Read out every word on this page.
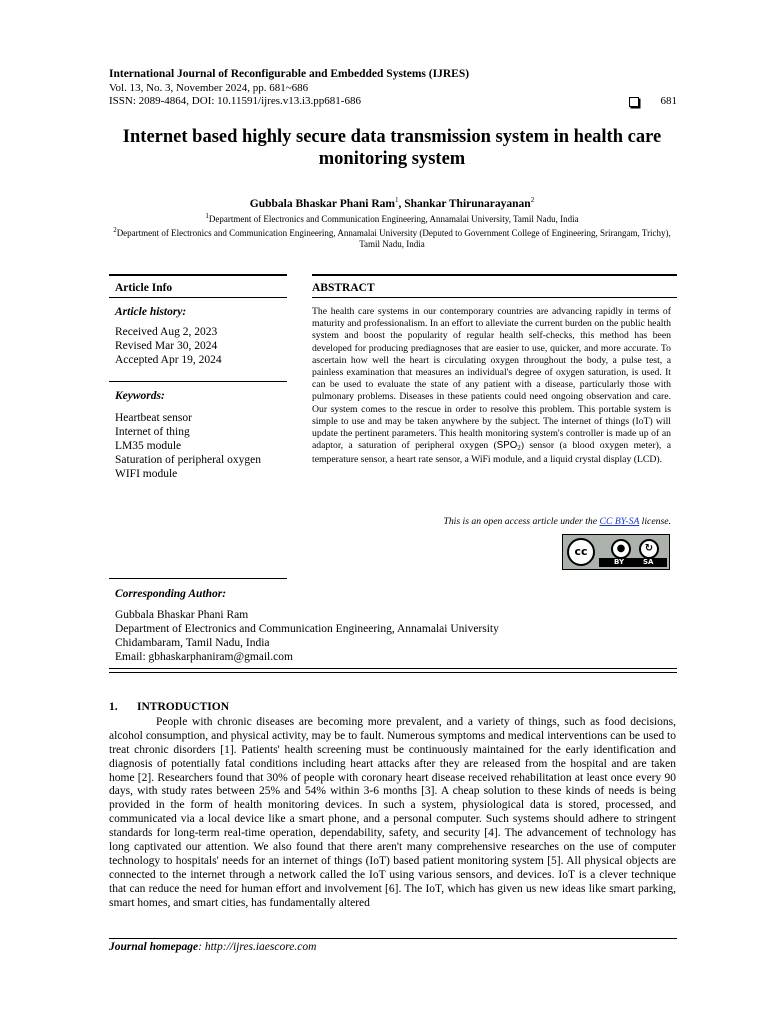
International Journal of Reconfigurable and Embedded Systems (IJRES)
Vol. 13, No. 3, November 2024, pp. 681~686
ISSN: 2089-4864, DOI: 10.11591/ijres.v13.i3.pp681-686	681
Internet based highly secure data transmission system in health care monitoring system
Gubbala Bhaskar Phani Ram$^1$, Shankar Thirunarayanan$^2$
$^1$Department of Electronics and Communication Engineering, Annamalai University, Tamil Nadu, India
$^2$Department of Electronics and Communication Engineering, Annamalai University (Deputed to Government College of Engineering, Srirangam, Trichy), Tamil Nadu, India
Article Info	ABSTRACT
Article history:
Received Aug 2, 2023
Revised Mar 30, 2024
Accepted Apr 19, 2024
Keywords:
Heartbeat sensor
Internet of thing
LM35 module
Saturation of peripheral oxygen
WIFI module
The health care systems in our contemporary countries are advancing rapidly in terms of maturity and professionalism. In an effort to alleviate the current burden on the public health system and boost the popularity of regular health self-checks, this method has been developed for producing prediagnoses that are easier to use, quicker, and more accurate. To ascertain how well the heart is circulating oxygen throughout the body, a pulse test, a painless examination that measures an individual's degree of oxygen saturation, is used. It can be used to evaluate the state of any patient with a disease, particularly those with pulmonary problems. Diseases in these patients could need ongoing observation and care. Our system comes to the rescue in order to resolve this problem. This portable system is simple to use and may be taken anywhere by the subject. The internet of things (IoT) will update the pertinent parameters. This health monitoring system's controller is made up of an adaptor, a saturation of peripheral oxygen $(SPO_2)$ sensor (a blood oxygen meter), a temperature sensor, a heart rate sensor, a WiFi module, and a liquid crystal display (LCD).
This is an open access article under the CC BY-SA license.
cc	●	↻
BY	SA
Corresponding Author:
Gubbala Bhaskar Phani Ram
Department of Electronics and Communication Engineering, Annamalai University
Chidambaram, Tamil Nadu, India
Email: gbhaskarphaniram@gmail.com
1. INTRODUCTION

People with chronic diseases are becoming more prevalent, and a variety of things, such as food decisions, alcohol consumption, and physical activity, may be to fault. Numerous symptoms and medical interventions can be used to treat chronic disorders [1]. Patients' health screening must be continuously maintained for the early identification and diagnosis of potentially fatal conditions including heart attacks after they are released from the hospital and are taken home [2]. Researchers found that 30% of people with coronary heart disease received rehabilitation at least once every 90 days, with study rates between 25% and 54% within 3-6 months [3]. A cheap solution to these kinds of needs is being provided in the form of health monitoring devices. In such a system, physiological data is stored, processed, and communicated via a local device like a smart phone, and a personal computer. Such systems should adhere to stringent standards for long-term real-time operation, dependability, safety, and security [4]. The advancement of technology has long captivated our attention. We also found that there aren't many comprehensive researches on the use of computer technology to hospitals' needs for an internet of things (IoT) based patient monitoring system [5]. All physical objects are connected to the internet through a network called the IoT using various sensors, and devices. IoT is a clever technique that can reduce the need for human effort and involvement [6]. The IoT, which has given us new ideas like smart parking, smart homes, and smart cities, has fundamentally altered

Journal homepage: http://ijres.iaescore.com
